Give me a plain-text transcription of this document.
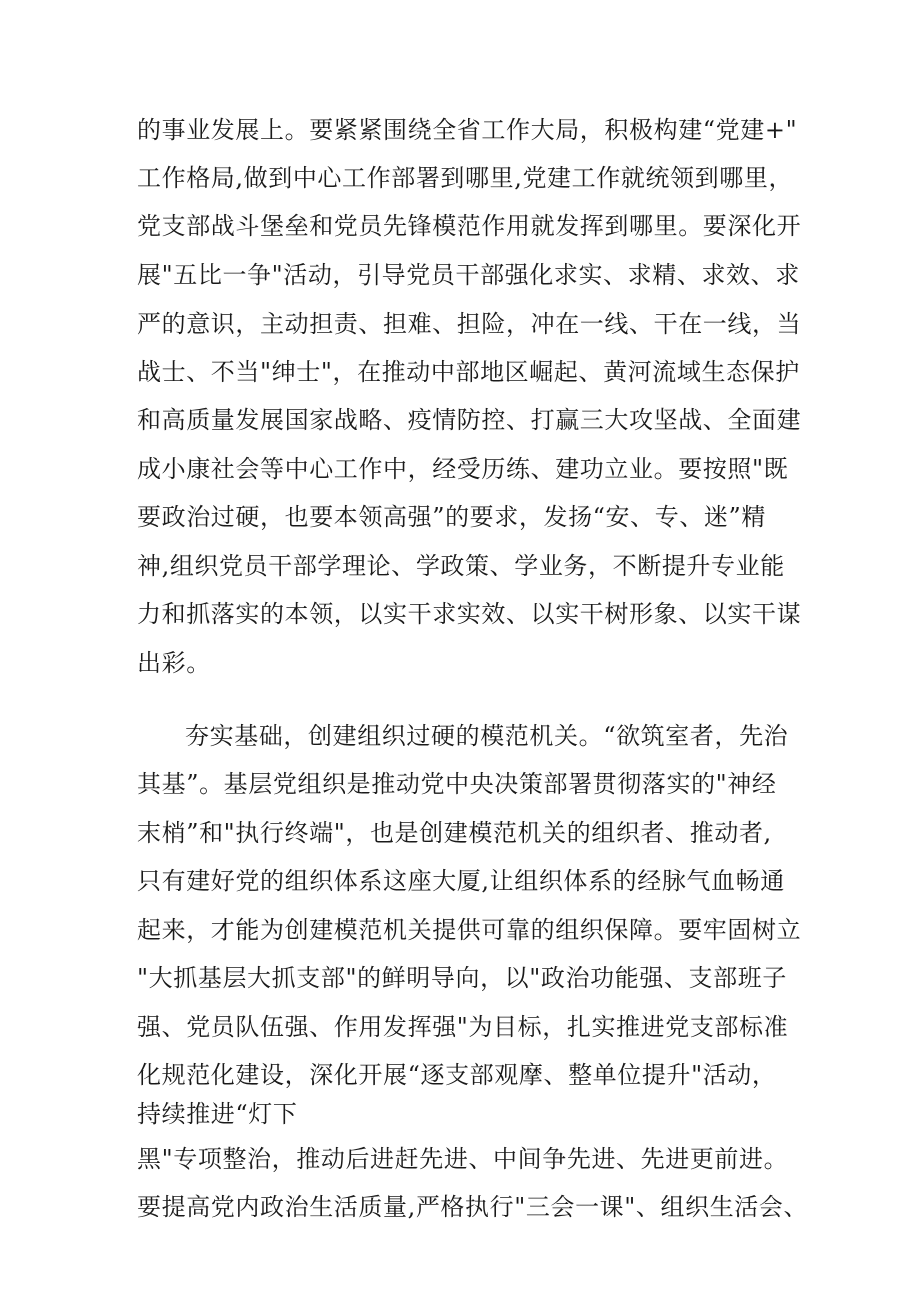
的事业发展上。要紧紧围绕全省工作大局，积极构建“党建+"
工作格局,做到中心工作部署到哪里,党建工作就统领到哪里，
党支部战斗堡垒和党员先锋模范作用就发挥到哪里。要深化开
展"五比一争"活动，引导党员干部强化求实、求精、求效、求
严的意识，主动担责、担难、担险，冲在一线、干在一线，当
战士、不当"绅士"，在推动中部地区崛起、黄河流域生态保护
和高质量发展国家战略、疫情防控、打赢三大攻坚战、全面建
成小康社会等中心工作中，经受历练、建功立业。要按照"既
要政治过硬，也要本领高强”的要求，发扬“安、专、迷”精
神,组织党员干部学理论、学政策、学业务，不断提升专业能
力和抓落实的本领，以实干求实效、以实干树形象、以实干谋
出彩。
夯实基础，创建组织过硬的模范机关。“欲筑室者，先治
其基”。基层党组织是推动党中央决策部署贯彻落实的"神经
末梢”和"执行终端"，也是创建模范机关的组织者、推动者,
只有建好党的组织体系这座大厦,让组织体系的经脉气血畅通
起来，才能为创建模范机关提供可靠的组织保障。要牢固树立
"大抓基层大抓支部"的鲜明导向，以"政治功能强、支部班子
强、党员队伍强、作用发挥强"为目标，扎实推进党支部标准
化规范化建设，深化开展“逐支部观摩、整单位提升"活动，
持续推进“灯下
黑"专项整治，推动后进赶先进、中间争先进、先进更前进。
要提高党内政治生活质量,严格执行"三会一课"、组织生活会、
